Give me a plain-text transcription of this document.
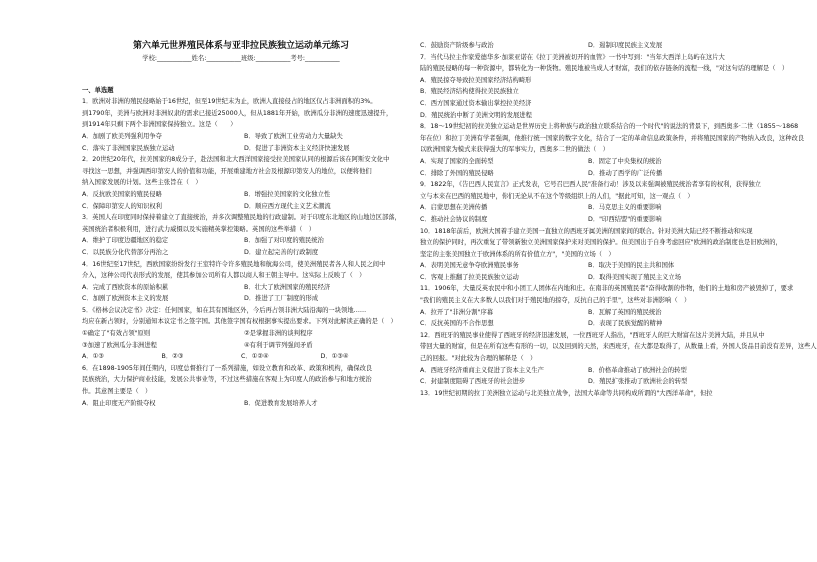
第六单元世界殖民体系与亚非拉民族独立运动单元练习
学校:___________姓名:___________班级:___________考号:___________
一、单选题
1．欧洲对非洲的殖民侵略始于16世纪，但至19世纪末为止，欧洲人直接侵占的地区仅占非洲面积的3%。
到1790年，美洲与欧洲对非洲奴隶的需求已接近25000人，但从1881年开始，欧洲瓜分非洲的速度迅速提升，
到1914年只剩下两个非洲国家保持独立。这是（　　）
A．加剧了欧美列强利用争夺	B．导致了欧洲工业劳动力大量缺失
C．落实了非洲国家民族独立运动	D．促进了非洲资本主义经济快速发展
2．20世纪20年代，拉美国家的8成分子，赴法国和北大西洋国家接受拉美国家认同的根源后该在阿斯安文化中
寻找这一思想，并强调西印第安人的价值和功能，开展重建地方社会及根源印第安人的地位，以便将他们
纳入国家发展的计划。这些主张旨在（　）
A．反抗欧美国家的殖民侵略	B．增强拉美国家的文化独立性
C．保障印第安人的知识权利	D．顺应西方现代主义艺术潮流
3．英国人在印度同时保持着建立了直接统治，并多次调整殖民地的行政建制。对于印度东北地区的山地边区部落，
英国统治者积极利用，进行武力威慑以及实施精英掌控策略。英国的这些举措（　）
A．维护了印度边疆地区的稳定	B．加强了对印度的殖民统治
C．以民族分化代替部分再治之	D．建立起完善的行政制度
4．16世纪至17世纪，西欧国家纷纷发行王室特许令许多殖民地和航海公司，使美洲殖民者各人和人民之间中
介入，这种公司代表形式的发展，使其参加公司所有人都以商人和王朝主导中。这实际上反映了（　）
A．完成了西欧资本的原始积累	B．壮大了欧洲国家的殖民经济
C．加剧了欧洲资本主义的发展	D．推进了工厂制度的形成
5．《格林会议决定书》决定：任何国家，如在其有国地区外，今后再占领非洲大陆沿海的一块领地……
均应在新占领时，分别通知本议定书之签字国。其他签字国有权根据事实提出要求。下列对此解读正确的是（　）
①确定了"有效占领"原则	②是掌握非洲的谈判程序
③加速了欧洲瓜分非洲进程	④有利于调节列强间矛盾
A．①③	B．②③	C．①②④	D．①③④
6．在1898-1905年间任期内，印度总督推行了一系列措施，如设立教育和改革、政策和机构，确保改良
民族统治，大力保护商业技能，发展公共事业等，不过这些措施在客观上为印度人的政治参与和地方统治
作。其意图主要是（　）
A．阻止印度无产阶级夺权	B．促进教育发展培养人才
C．鼓励资产阶级参与政治	D．遏制印度民族主义发展
7．当代马拉主作家爱德华多·加莱亚诺在《拉丁美洲被切开的血管》一书中写到："当年大西洋上岛屿在这片大
陆的殖民侵略的每一种资源中，都转化为一种货物。殖民地被当成人才财富，我们的依存链条的流程一线，"对这句话的理解是（　）
A．殖民掠夺导致拉美国家经济结构畸形
B．殖民经济结构使得拉美民族独立
C．西方国家通过资本输出掌控拉美经济
D．殖民统治中断了美洲文明的发展进程
8．18～19世纪初的拉美独立运动是世界历史上将种族与政治独立联系结合的一个时代"的说法的背景下，到西奥多·二世（1855～1868
年在位）和拉丁美洲有学者强调，他推行统一国家的数字文化，结合了一定的革命信息政策条件，并将殖民国家的产物纳入改良，这种改良
以欧洲国家为模式来获得强大的军事实力，西奥多二世的做法（　）
A．实现了国家的全面转型	B．固定了中央集权的统治
C．排除了外国的殖民侵略	D．推动了西学的广泛传播
9．1822年，《告巴西人民宣言》正式发表，它号召巴西人民"准备行动！涉及以来强调被殖民统治者享有的权利，获得独立
立与本来在巴西的殖民地中，你们无论从不在这个等级组织上的人们，"据此可知，这一观点（　）
A．启蒙思想在美洲传播	B．马克思主义的重要影响
C．推动社会协议的制度	D．"印西结盟"的重要影响
10．1818年前后，欧洲大国着手建立美国一直独立的西班牙属美洲的国家间的联合。针对美洲大陆已经不断推动和实现
独立的保护同时，再次重复了带领新独立美洲国家保护来对美国的保护。但美国出于自身考虑回应"欧洲的政治制度也是旧欧洲的，
坚定的主张美国独立于欧洲体系的所有价值立方"，"美国的立场（　）
A．表明美国无意争夺欧洲殖民事务	B．取决于美国的民主共和国体
C．客观上推翻了拉美民族独立运动	D．取得美国实现了殖民主义立场
11．1906年，大量反英农民中和小团工人团体在内地和庄。在南非的英国殖民者"奋得收割的作物，他们的土地和房产被毁掉了，要求
"我们的殖民主义在大多数人以我们对于殖民地的掠夺，反抗自己的手里"，这些对非洲影响（　）
A．拉开了"非洲分割"序幕	B．瓦解了英国的殖民统治
C．反抗英国的不合作思想	D．表现了民族觉醒的精神
12．西班牙的殖民事业使得了西班牙的经济迅速发展，一位西班牙人指出，"西班牙人的巨大财富在这片美洲大陆，并且从中
带回大量的财富，但是在所有这些有形的一切，以及回到的天然，来西班牙，在大都是取得了，从数量上看，外国人货品目前没有差异，这些人
己的回报。"对此较为合理的解释是（　）
A．西班牙经济重商主义促进了资本主义生产	B．价格革命推动了欧洲社会的转型
C．封建制度阻碍了西班牙的社会进步	D．殖民扩张推动了欧洲社会的转型
13．19世纪初期的拉丁美洲独立运动与北美独立战争，法国大革命等共同构成所谓的"大西洋革命"，但拉
